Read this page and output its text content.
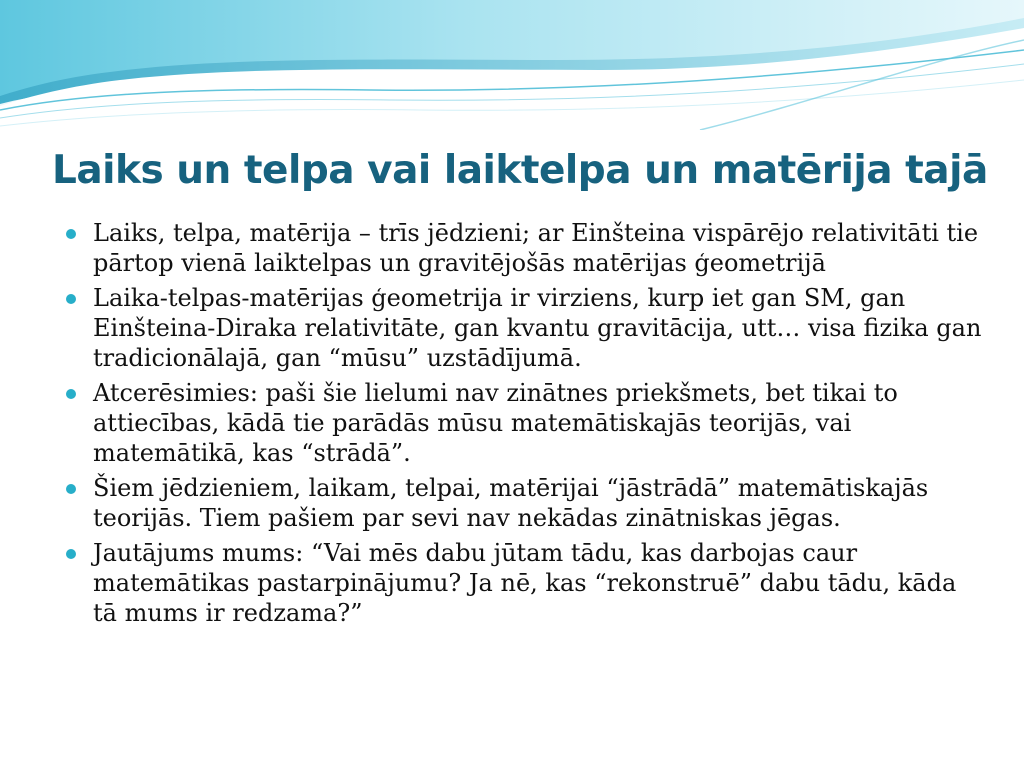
Laiks un telpa vai laiktelpa un matērija tajā
Laiks, telpa, matērija – trīs jēdzieni; ar Einšteina vispārējo relativitāti tie pārtop vienā laiktelpas un gravitējošās matērijas ģeometrijā
Laika-telpas-matērijas ģeometrija ir virziens, kurp iet gan SM, gan Einšteina-Diraka relativitāte, gan kvantu gravitācija, utt… visa fizika gan tradicionālajā, gan “mūsu” uzstādījumā.
Atcerēsimies: paši šie lielumi nav zinātnes priekšmets, bet tikai to attiecības, kādā tie parādās mūsu matemātiskajās teorijās, vai matemātikā, kas “strādā”.
Šiem jēdzieniem, laikam, telpai, matērijai “jāstrādā” matemātiskajās teorijās. Tiem pašiem par sevi nav nekādas zinātniskas jēgas.
Jautājums mums: “Vai mēs dabu jūtam tādu, kas darbojas caur matemātikas pastarpinājumu? Ja nē, kas “rekonstruē” dabu tādu, kāda tā mums ir redzama?”
